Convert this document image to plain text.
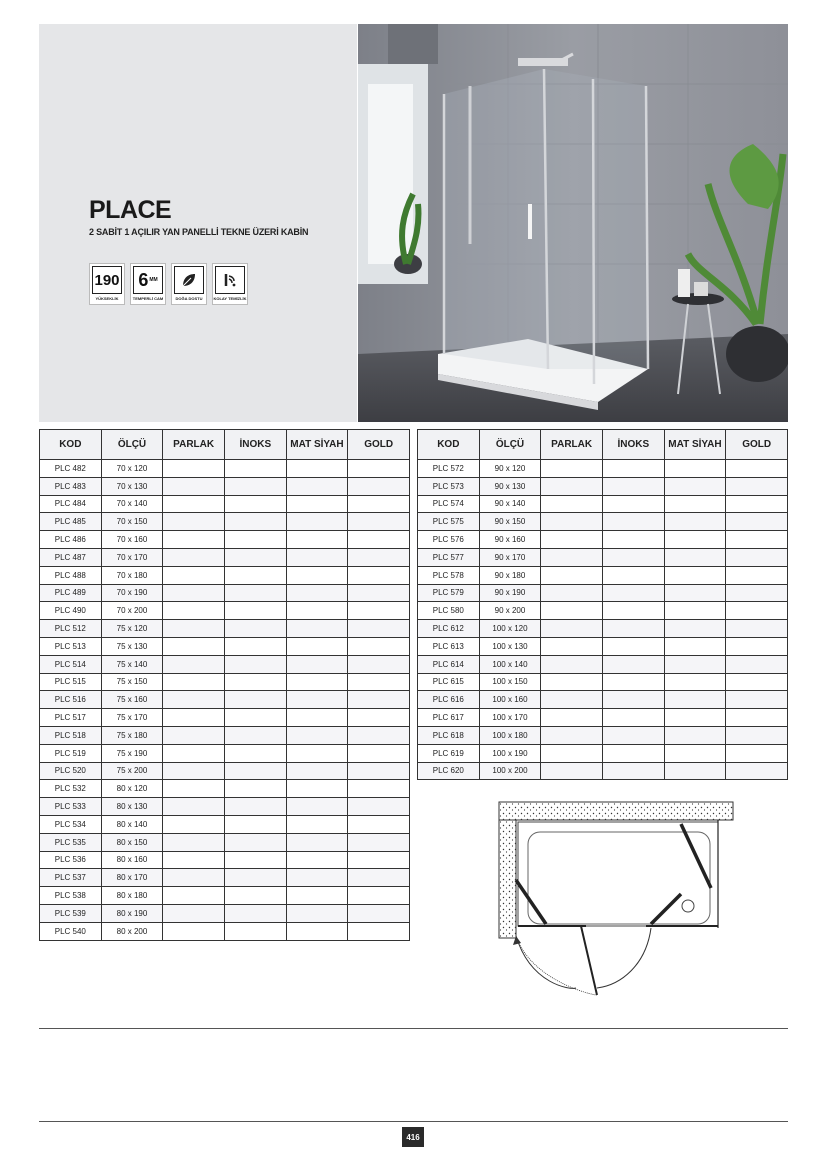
PLACE
2 SABİT 1 AÇILIR YAN PANELLİ TEKNE ÜZERİ KABİN
190
YÜKSEKLİK
6 MM
TEMPERLİ CAM	DOĞA DOSTU	KOLAY TEMİZLİK
KOD	ÖLÇÜ	PARLAK	İNOKS	MAT SİYAH	GOLD
PLC 482	70 x 120				
PLC 483	70 x 130				
PLC 484	70 x 140				
PLC 485	70 x 150				
PLC 486	70 x 160				
PLC 487	70 x 170				
PLC 488	70 x 180				
PLC 489	70 x 190				
PLC 490	70 x 200				
PLC 512	75 x 120				
PLC 513	75 x 130				
PLC 514	75 x 140				
PLC 515	75 x 150				
PLC 516	75 x 160				
PLC 517	75 x 170				
PLC 518	75 x 180				
PLC 519	75 x 190				
PLC 520	75 x 200				
PLC 532	80 x 120				
PLC 533	80 x 130				
PLC 534	80 x 140				
PLC 535	80 x 150				
PLC 536	80 x 160				
PLC 537	80 x 170				
PLC 538	80 x 180				
PLC 539	80 x 190				
PLC 540	80 x 200				
KOD	ÖLÇÜ	PARLAK	İNOKS	MAT SİYAH	GOLD
PLC 572	90 x 120				
PLC 573	90 x 130				
PLC 574	90 x 140				
PLC 575	90 x 150				
PLC 576	90 x 160				
PLC 577	90 x 170				
PLC 578	90 x 180				
PLC 579	90 x 190				
PLC 580	90 x 200				
PLC 612	100 x 120				
PLC 613	100 x 130				
PLC 614	100 x 140				
PLC 615	100 x 150				
PLC 616	100 x 160				
PLC 617	100 x 170				
PLC 618	100 x 180				
PLC 619	100 x 190				
PLC 620	100 x 200				
416
